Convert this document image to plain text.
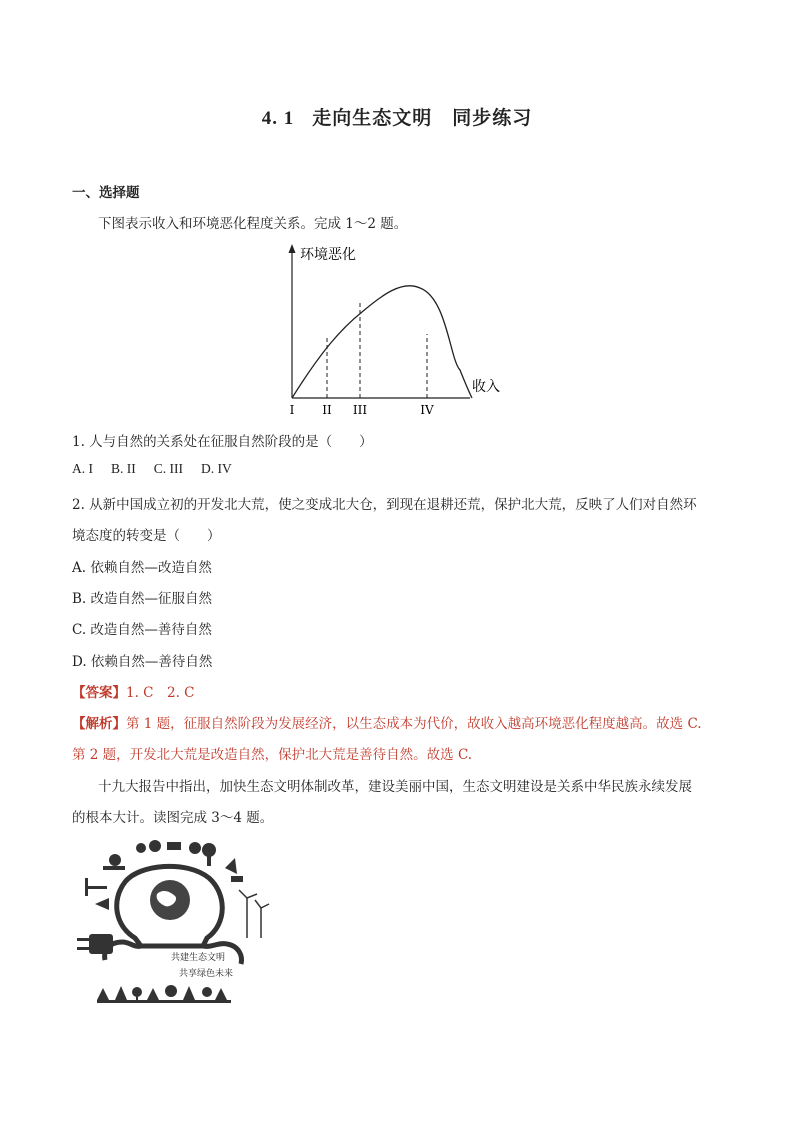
4. 1 走向生态文明 同步练习
一、选择题
下图表示收入和环境恶化程度关系。完成 1～2 题。
环境恶化
收入
I II III	IV
1. 人与自然的关系处在征服自然阶段的是（　　）
A. I B. II C. III D. IV
2. 从新中国成立初的开发北大荒，使之变成北大仓，到现在退耕还荒，保护北大荒，反映了人们对自然环
境态度的转变是（　　）
A. 依赖自然—改造自然
B. 改造自然—征服自然
C. 改造自然—善待自然
D. 依赖自然—善待自然
【答案】1. C　2. C
【解析】第 1 题，征服自然阶段为发展经济，以生态成本为代价，故收入越高环境恶化程度越高。故选 C.
第 2 题，开发北大荒是改造自然，保护北大荒是善待自然。故选 C.
十九大报告中指出，加快生态文明体制改革，建设美丽中国，生态文明建设是关系中华民族永续发展
的根本大计。读图完成 3～4 题。
共建生态文明
共享绿色未来
